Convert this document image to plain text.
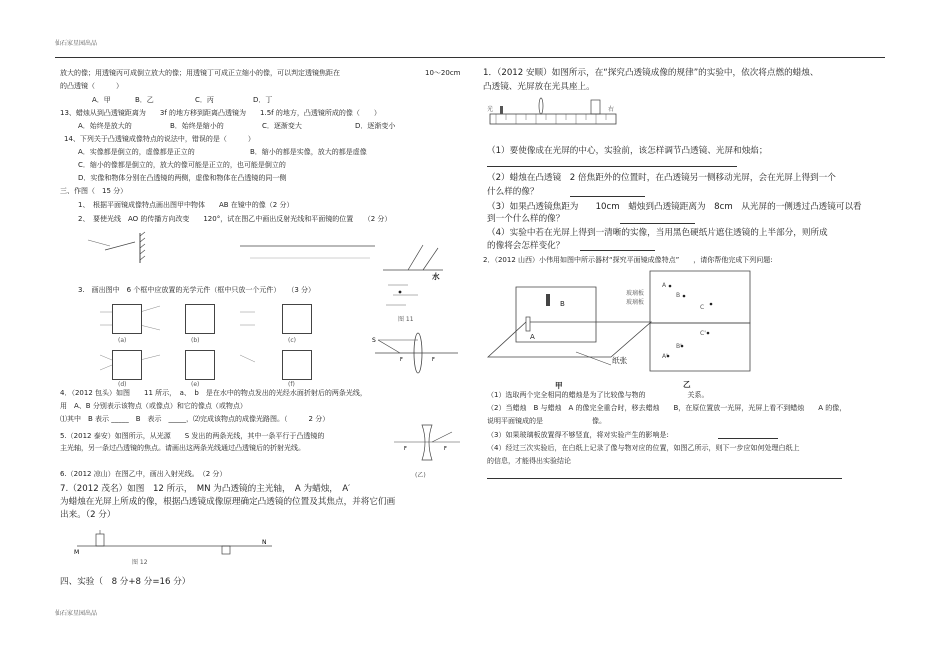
仙石家星园出品
仙石家星园出品
放大的像；用透镜丙可成倒立放大的像；用透镜丁可成正立缩小的像，可以判定透镜焦距在	10～20cm
的凸透镜（　　　）
A．甲	B．乙	C．丙	D．丁
13、蜡烛从到凸透镜距离为　　3f 的地方移到距离凸透镜为　　1.5f 的地方，凸透镜所成的像（　　）
A．始终是放大的	B．始终是缩小的	C．逐渐变大	D．逐渐变小
14、下列关于凸透镜成像特点的说法中，错误的是（　　　）
A．实像都是倒立的，虚像都是正立的	B．缩小的都是实像，放大的都是虚像
C．缩小的像都是倒立的，放大的像可能是正立的，也可能是倒立的
D．实像和物体分别在凸透镜的两侧，虚像和物体在凸透镜的同一侧
三、作图（　15 分）
1、　根据平面镜成像特点画出图甲中物体　　AB 在镜中的像（2 分）
2、　要使光线　AO 的传播方向改变　　120°，试在图乙中画出反射光线和平面镜的位置　　（2 分）
水
图 11
3.　画出图中　6 个框中应放置的光学元件（框中只放一个元件）　　（3 分）
(a)	(b)	(c)
(d)	(e)	(f)
S
F	F
4．（2012 包头）如图　　11 所示，　a、　b　是在水中的物点发出的光经水面折射后的两条光线，
用　A、B 分别表示该物点（或像点）和它的像点（或物点）
⑴其中　B 表示 _____　B　表示　_____，⑵完成该物点的成像光路图。（　　　2 分）
5.（2012 泰安）如图所示，从光源　　S 发出的两条光线，其中一条平行于凸透镜的
主光轴，另一条过凸透镜的焦点。请画出这两条光线通过凸透镜后的折射光线。	F	F
(乙)
6.（2012 凉山）在图乙中，画出入射光线。　（2 分）
7.（2012 茂名）如图　12 所示，　MN 为凸透镜的主光轴，　A 为蜡烛，　A′
为蜡烛在光屏上所成的像，根据凸透镜成像原理确定凸透镜的位置及其焦点，并将它们画
出来。（2 分）
M
N
图 12
四、实验（　8 分+8 分=16 分）
1．（2012 安顺）如图所示，在“探究凸透镜成像的规律”的实验中，依次将点燃的蜡烛、
凸透镜、光屏放在光具座上。
光	右
（1）要使像成在光屏的中心，实验前，该怎样调节凸透镜、光屏和烛焰；
（2）蜡烛在凸透镜　2 倍焦距外的位置时，在凸透镜另一侧移动光屏，会在光屏上得到一个
什么样的像？
（3）如果凸透镜焦距为　　10cm　蜡烛到凸透镜距离为　8cm　从光屏的一侧透过凸透镜可以看
到一个什么样的像？
（4）实验中若在光屏上得到一清晰的实像，当用黑色硬纸片遮住透镜的上半部分，则所成
的像将会怎样变化？
2．（2012 山西）小伟用如图中所示器材“探究平面镜成像特点”　　，请你帮他完成下列问题:
B
A
纸张
甲
玻璃板
玻璃板
A
B
C
A'
B'
C'
乙
（1）选取两个完全相同的蜡烛是为了比较像与物的　　　　　　关系。
（2）当蜡烛　B 与蜡烛　A 的像完全重合时，移去蜡烛　　B，在原位置放一光屏，光屏上看不到蜡烛　　A 的像，
说明平面镜成的是　　　　　　　像。
（3）如果玻璃板放置得不够竖直，将对实验产生的影响是:
（4）经过三次实验后，在白纸上记录了像与物对应的位置，如图乙所示，则下一步应如何处理白纸上
的信息，才能得出实验结论
